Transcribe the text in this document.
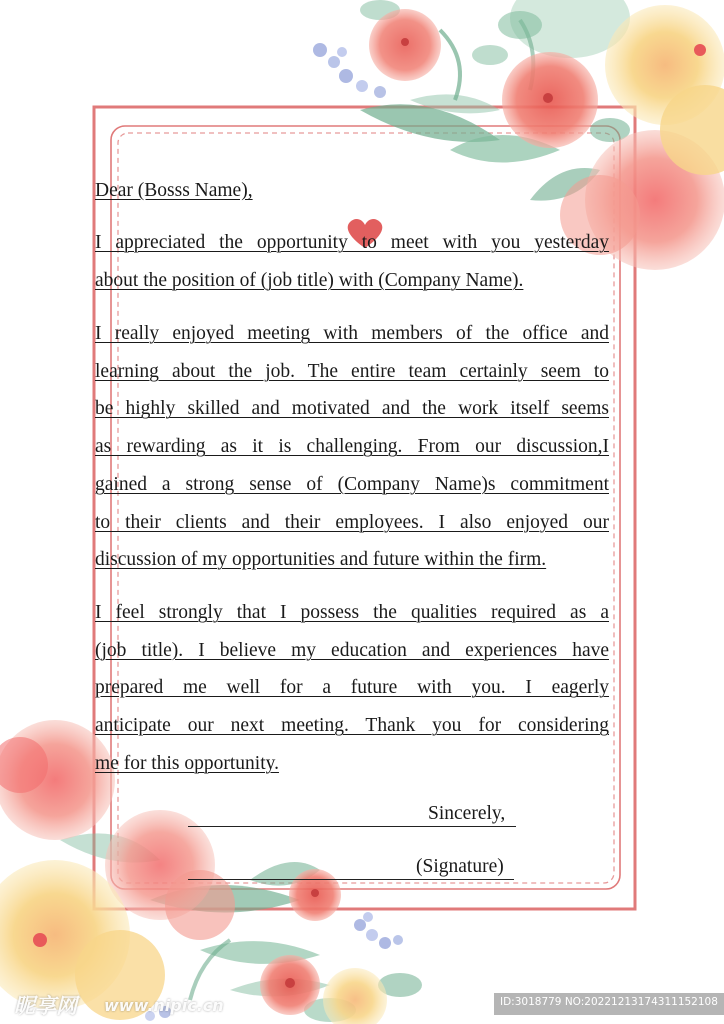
Dear (Bosss Name),
I appreciated the opportunity to meet with you yesterday
about the position of (job title) with (Company Name).
I really enjoyed meeting with members of the office and
learning about the job. The entire team certainly seem to
be highly skilled and motivated and the work itself seems
as rewarding as it is challenging. From our discussion,I
gained a strong sense of (Company Name)s commitment
to their clients and their employees. I also enjoyed our
discussion of my opportunities and future within the firm.
I feel strongly that I possess the qualities required as a
(job title). I believe my education and experiences have
prepared me well for a future with you. I eagerly
anticipate our next meeting. Thank you for considering
me for this opportunity.
Sincerely,
(Signature)
昵享网 www.nipic.cn	ID:3018779 NO:20221213174311152108
